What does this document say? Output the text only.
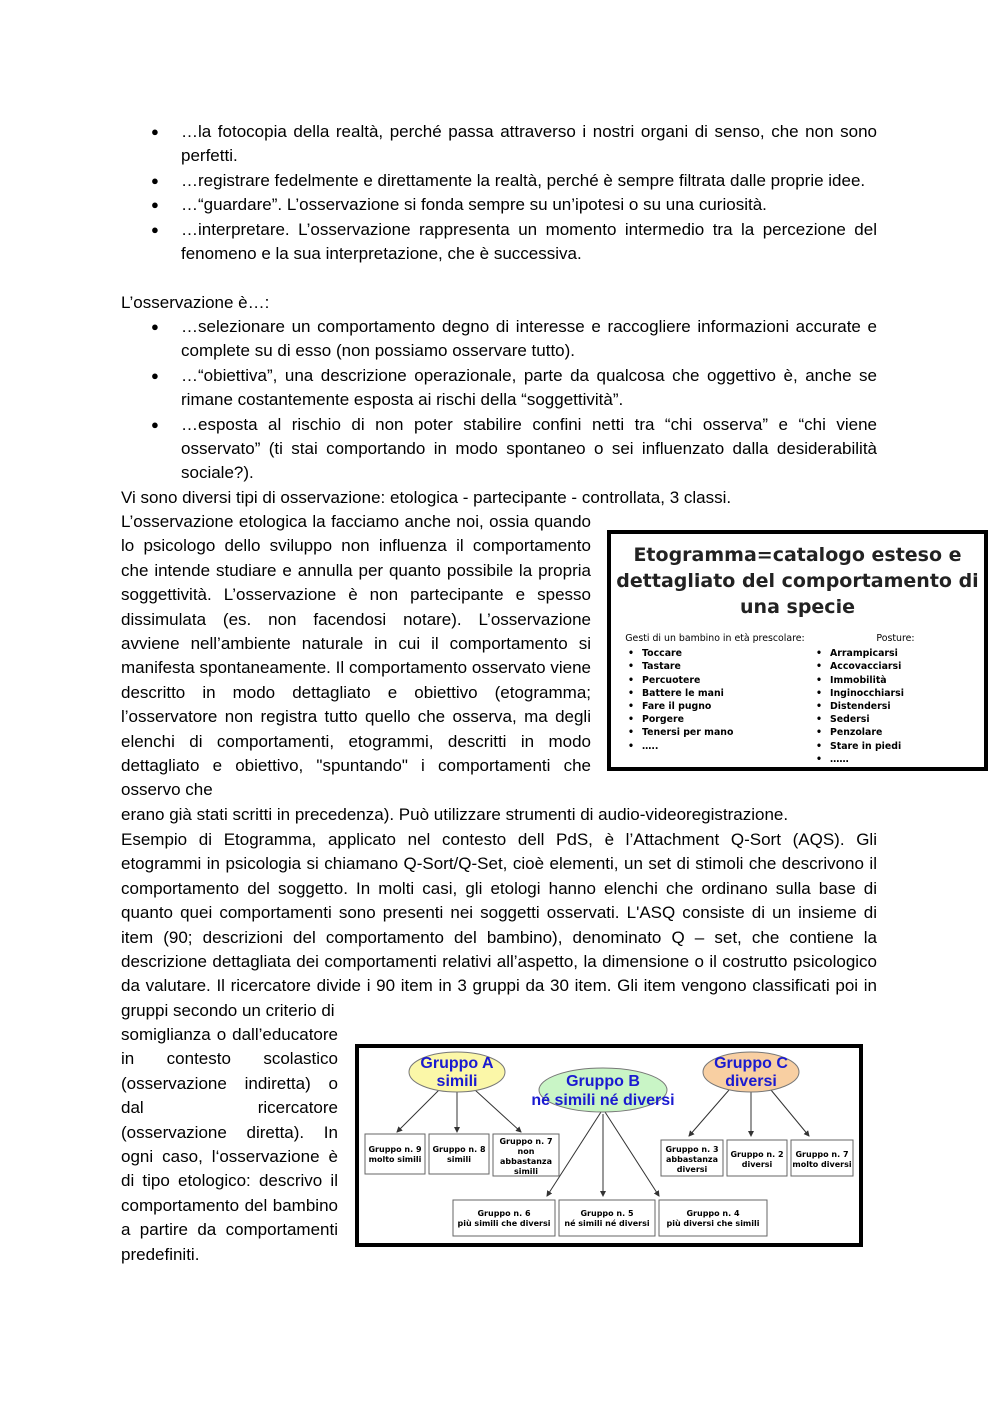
● …la fotocopia della realtà, perché passa attraverso i nostri organi di senso, che non sono perfetti.
● …registrare fedelmente e direttamente la realtà, perché è sempre filtrata dalle proprie idee.
● …“guardare”. L’osservazione si fonda sempre su un’ipotesi o su una curiosità.
● …interpretare. L’osservazione rappresenta un momento intermedio tra la percezione del fenomeno e la sua interpretazione, che è successiva.
L’osservazione è…:
● …selezionare un comportamento degno di interesse e raccogliere informazioni accurate e complete su di esso (non possiamo osservare tutto).
● …“obiettiva”, una descrizione operazionale, parte da qualcosa che oggettivo è, anche se rimane costantemente esposta ai rischi della “soggettività”.
● …esposta al rischio di non poter stabilire confini netti tra “chi osserva” e “chi viene osservato” (ti stai comportando in modo spontaneo o sei influenzato dalla desiderabilità sociale?).
Vi sono diversi tipi di osservazione: etologica - partecipante - controllata, 3 classi.
L’osservazione etologica la facciamo anche noi, ossia quando lo psicologo dello sviluppo non influenza il comportamento che intende studiare e annulla per quanto possibile la propria soggettività. L’osservazione è non partecipante e spesso dissimulata (es. non facendosi notare). L’osservazione avviene nell’ambiente naturale in cui il comportamento si manifesta spontaneamente. Il comportamento osservato viene descritto in modo dettagliato e obiettivo (etogramma; l’osservatore non registra tutto quello che osserva, ma degli elenchi di comportamenti, etogrammi, descritti in modo dettagliato e obiettivo, "spuntando" i comportamenti che osservo che
erano già stati scritti in precedenza). Può utilizzare strumenti di audio-videoregistrazione.
Etogramma=catalogo esteso e
dettagliato del comportamento di
una specie
Gesti di un bambino in età prescolare:
• Toccare
• Tastare
• Percuotere
• Battere le mani
• Fare il pugno
• Porgere
• Tenersi per mano
• …..
Posture:
• Arrampicarsi
• Accovacciarsi
• Immobilità
• Inginocchiarsi
• Distendersi
• Sedersi
• Penzolare
• Stare in piedi
• ……
Esempio di Etogramma, applicato nel contesto dell PdS, è l’Attachment Q-Sort (AQS). Gli etogrammi in psicologia si chiamano Q-Sort/Q-Set, cioè elementi, un set di stimoli che descrivono il comportamento del soggetto. In molti casi, gli etologi hanno elenchi che ordinano sulla base di quanto quei comportamenti sono presenti nei soggetti osservati. L'ASQ consiste di un insieme di item (90; descrizioni del comportamento del bambino), denominato Q – set, che contiene la descrizione dettagliata dei comportamenti relativi all’aspetto, la dimensione o il costrutto psicologico da valutare. Il ricercatore divide i 90 item in 3 gruppi da 30 item. Gli item vengono classificati poi in gruppi secondo un criterio di
somiglianza o dall’educatore in contesto scolastico (osservazione indiretta) o dal ricercatore (osservazione diretta). In ogni caso, l‘osservazione è di tipo etologico: descrivo il comportamento del bambino a partire da comportamenti predefiniti.
Gruppo A
simili	Gruppo B
né simili né diversi
Gruppo C
diversi
Gruppo n. 9
molto simili
Gruppo n. 8
simili
Gruppo n. 7
non
abbastanza
simili
Gruppo n. 3
abbastanza
diversi
Gruppo n. 2
diversi
Gruppo n. 7
molto diversi
Gruppo n. 6
più simili che diversi
Gruppo n. 5
né simili né diversi
Gruppo n. 4
più diversi che simili
